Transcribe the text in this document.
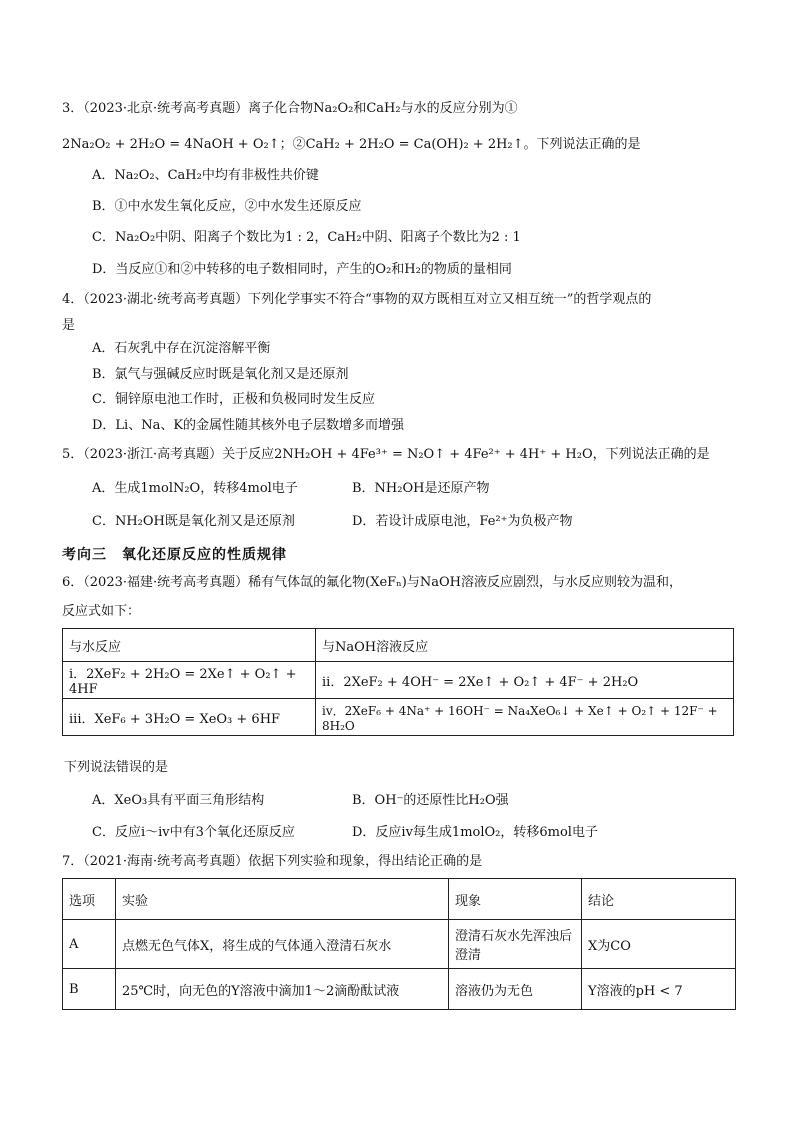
3．（2023·北京·统考高考真题）离子化合物Na₂O₂和CaH₂与水的反应分别为①
2Na₂O₂ + 2H₂O = 4NaOH + O₂↑；②CaH₂ + 2H₂O = Ca(OH)₂ + 2H₂↑。下列说法正确的是
A．Na₂O₂、CaH₂中均有非极性共价键
B．①中水发生氧化反应，②中水发生还原反应
C．Na₂O₂中阴、阳离子个数比为1 : 2，CaH₂中阴、阳离子个数比为2 : 1
D．当反应①和②中转移的电子数相同时，产生的O₂和H₂的物质的量相同
4．（2023·湖北·统考高考真题）下列化学事实不符合“事物的双方既相互对立又相互统一”的哲学观点的
是
A．石灰乳中存在沉淀溶解平衡
B．氯气与强碱反应时既是氧化剂又是还原剂
C．铜锌原电池工作时，正极和负极同时发生反应
D．Li、Na、K的金属性随其核外电子层数增多而增强
5．（2023·浙江·高考真题）关于反应2NH₂OH + 4Fe³⁺ = N₂O↑ + 4Fe²⁺ + 4H⁺ + H₂O，下列说法正确的是
A．生成1molN₂O，转移4mol电子	B．NH₂OH是还原产物
C．NH₂OH既是氧化剂又是还原剂	D．若设计成原电池，Fe²⁺为负极产物
考向三　氧化还原反应的性质规律
6．（2023·福建·统考高考真题）稀有气体氙的氟化物(XeFₙ)与NaOH溶液反应剧烈，与水反应则较为温和，
反应式如下：
与水反应	与NaOH溶液反应
i．2XeF₂ + 2H₂O = 2Xe↑ + O₂↑ + 4HF	ii．2XeF₂ + 4OH⁻ = 2Xe↑ + O₂↑ + 4F⁻ + 2H₂O
iii．XeF₆ + 3H₂O = XeO₃ + 6HF	iv．2XeF₆ + 4Na⁺ + 16OH⁻ = Na₄XeO₆↓ + Xe↑ + O₂↑ + 12F⁻ + 8H₂O
下列说法错误的是
A．XeO₃具有平面三角形结构	B．OH⁻的还原性比H₂O强
C．反应i～iv中有3个氧化还原反应	D．反应iv每生成1molO₂，转移6mol电子
7．（2021·海南·统考高考真题）依据下列实验和现象，得出结论正确的是
选项	实验	现象	结论
A	点燃无色气体X，将生成的气体通入澄清石灰水	澄清石灰水先浑浊后澄清	X为CO
B	25℃时，向无色的Y溶液中滴加1～2滴酚酞试液	溶液仍为无色	Y溶液的pH < 7
